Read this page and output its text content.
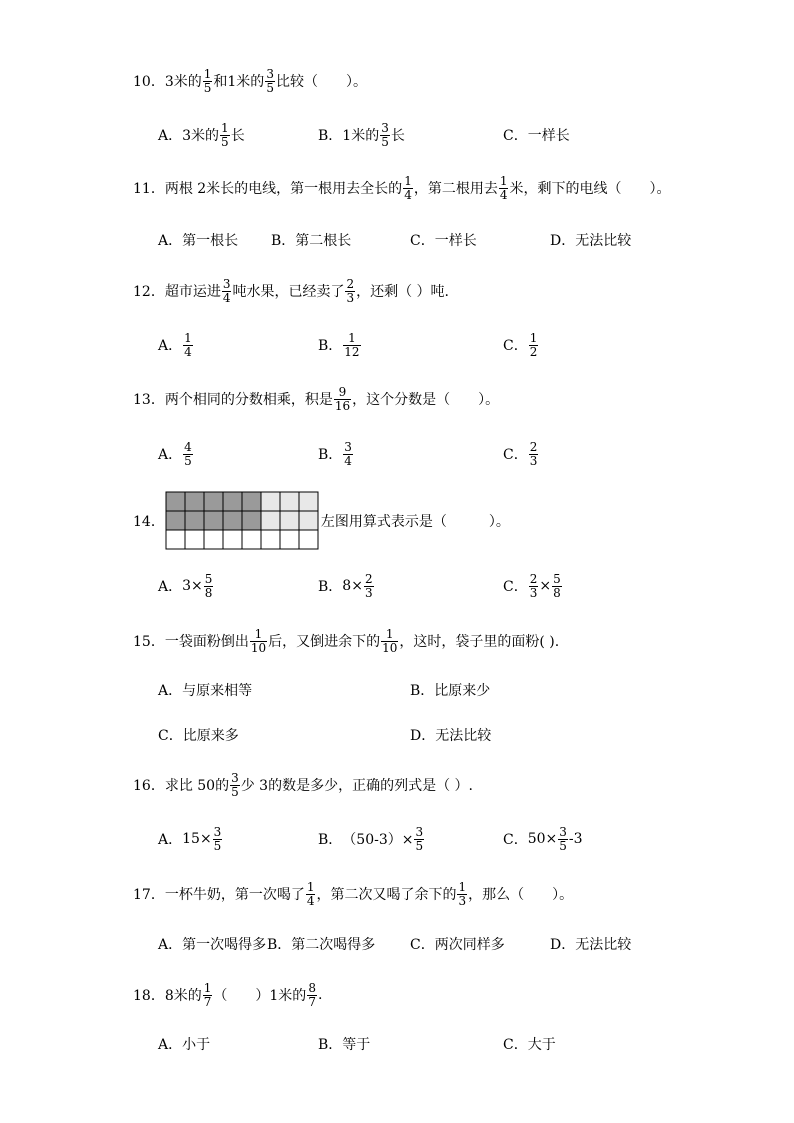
10． 3米的 $\frac{1}{5}$ 和1米的 $\frac{3}{5}$ 比较（　　）。
A． 3米的 $\frac{1}{5}$ 长	B． 1米的 $\frac{3}{5}$ 长	C． 一样长
11． 两根 2米长的电线，第一根用去全长的 $\frac{1}{4}$ ，第二根用去 $\frac{1}{4}$ 米，剩下的电线（　　）。
A． 第一根长 B． 第二根长	C． 一样长	D． 无法比较
12． 超市运进 $\frac{3}{4}$ 吨水果，已经卖了 $\frac{2}{3}$ ，还剩（ ）吨.
A． $\frac{1}{4}$	B． $\frac{1}{12}$	C． $\frac{1}{2}$
13． 两个相同的分数相乘，积是 $\frac{9}{16}$ ，这个分数是（　　）。
A． $\frac{4}{5}$	B． $\frac{3}{4}$	C． $\frac{2}{3}$
14．	左图用算式表示是（　　　）。
A． $3\times \frac{5}{8}$	B． $8\times \frac{2}{3}$	C． $\frac{2}{3} \times \frac{5}{8}$
15． 一袋面粉倒出 $\frac{1}{10}$ 后，又倒进余下的 $\frac{1}{10}$ ，这时，袋子里的面粉( ).
A． 与原来相等	B． 比原来少
C． 比原来多	D． 无法比较
16． 求比 50的 $\frac{3}{5}$ 少 3的数是多少，正确的列式是（ ）.
A． $15\times \frac{3}{5}$	B． $(50-3)\times \frac{3}{5}$	C． $50\times \frac{3}{5} -3$
17． 一杯牛奶，第一次喝了 $\frac{1}{4}$ ，第二次又喝了余下的 $\frac{1}{3}$ ，那么（　　）。
A． 第一次喝得多 B． 第二次喝得多 C． 两次同样多	D． 无法比较
18． 8米的 $\frac{1}{7}$ （　　）1米的 $\frac{8}{7}$ .
A． 小于	B． 等于	C． 大于
